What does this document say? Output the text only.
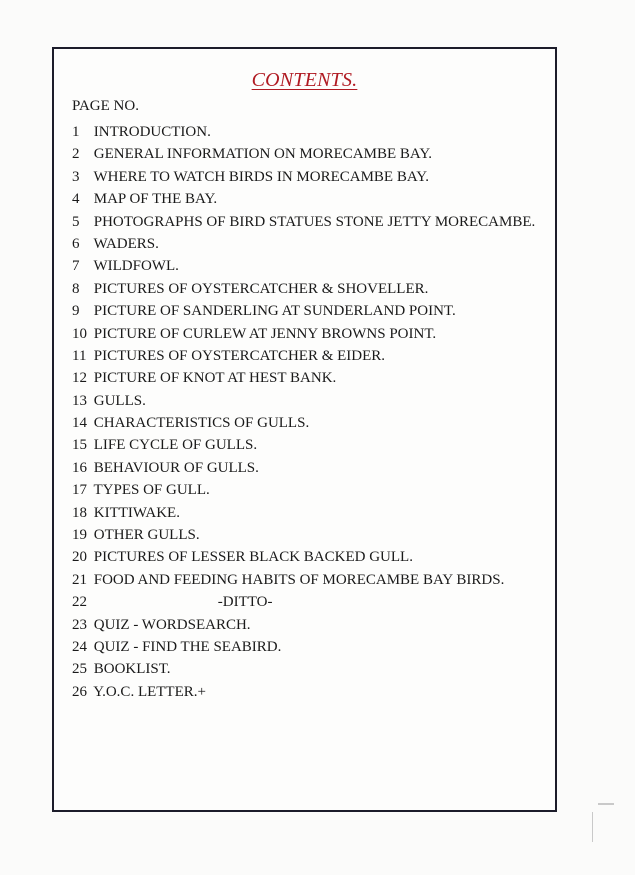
CONTENTS.
PAGE NO.
1 INTRODUCTION.
2 GENERAL INFORMATION ON MORECAMBE BAY.
3 WHERE TO WATCH BIRDS IN MORECAMBE BAY.
4 MAP OF THE BAY.
5 PHOTOGRAPHS OF BIRD STATUES STONE JETTY MORECAMBE.
6 WADERS.
7 WILDFOWL.
8 PICTURES OF OYSTERCATCHER & SHOVELLER.
9 PICTURE OF SANDERLING AT SUNDERLAND POINT.
10 PICTURE OF CURLEW AT JENNY BROWNS POINT.
11 PICTURES OF OYSTERCATCHER & EIDER.
12 PICTURE OF KNOT AT HEST BANK.
13 GULLS.
14 CHARACTERISTICS OF GULLS.
15 LIFE CYCLE OF GULLS.
16 BEHAVIOUR OF GULLS.
17 TYPES OF GULL.
18 KITTIWAKE.
19 OTHER GULLS.
20 PICTURES OF LESSER BLACK BACKED GULL.
21 FOOD AND FEEDING HABITS OF MORECAMBE BAY BIRDS.
22	-DITTO-
23 QUIZ - WORDSEARCH.
24 QUIZ - FIND THE SEABIRD.
25 BOOKLIST.
26 Y.O.C. LETTER.+
